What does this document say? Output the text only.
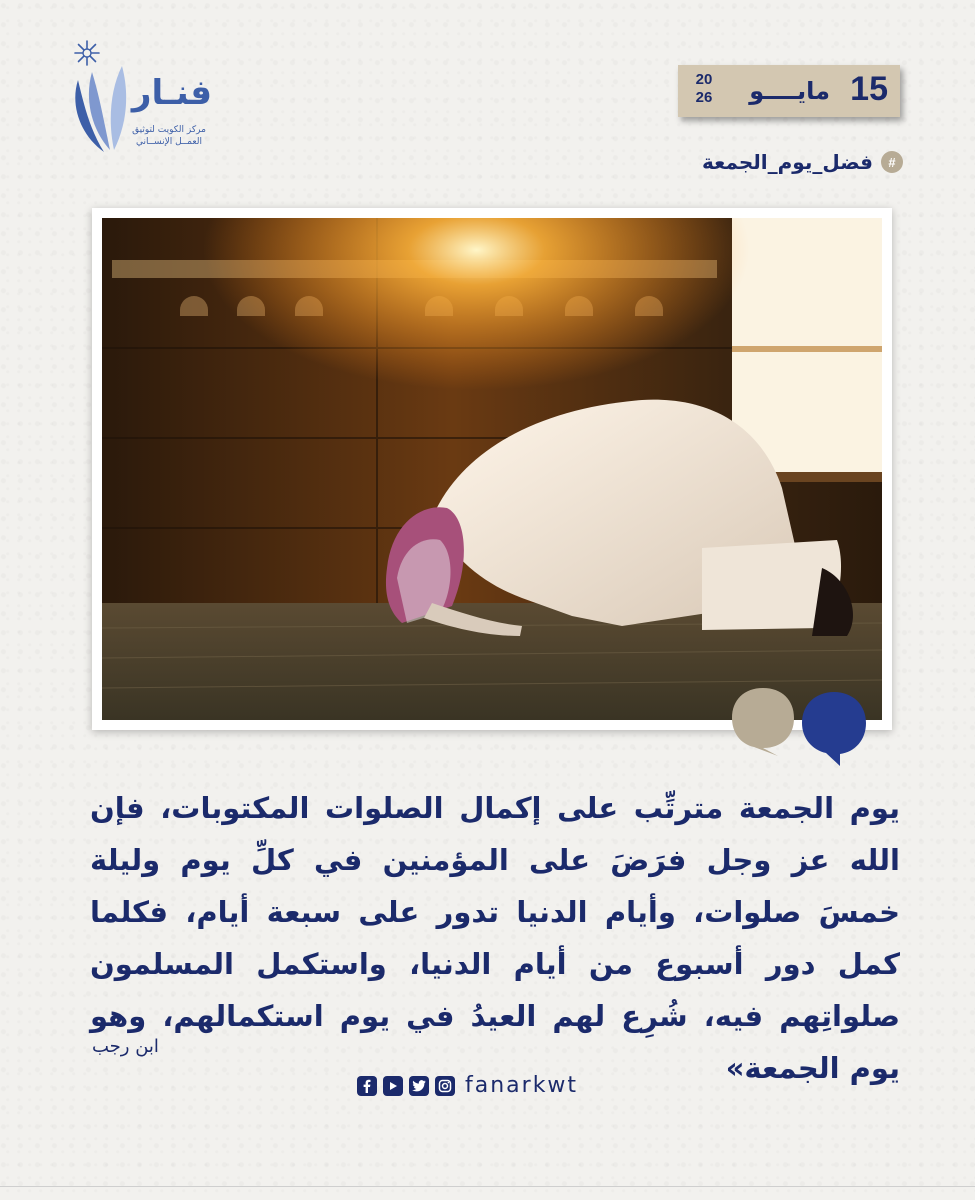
فنـار
مركز الكويت لتوثيق
العمــل الإنســاني
15
مايــــو
20
26
#
فضل_يوم_الجمعة
يوم الجمعة مترتِّب على إكمال الصلوات المكتوبات، فإن الله عز وجل فرَضَ على المؤمنين في كلِّ يوم وليلة خمسَ صلوات، وأيام الدنيا تدور على سبعة أيام، فكلما كمل دور أسبوع من أيام الدنيا، واستكمل المسلمون صلواتِهم فيه، شُرِع لهم العيدُ في يوم استكمالهم، وهو يوم الجمعة»
ابن رجب
fanarkwt
